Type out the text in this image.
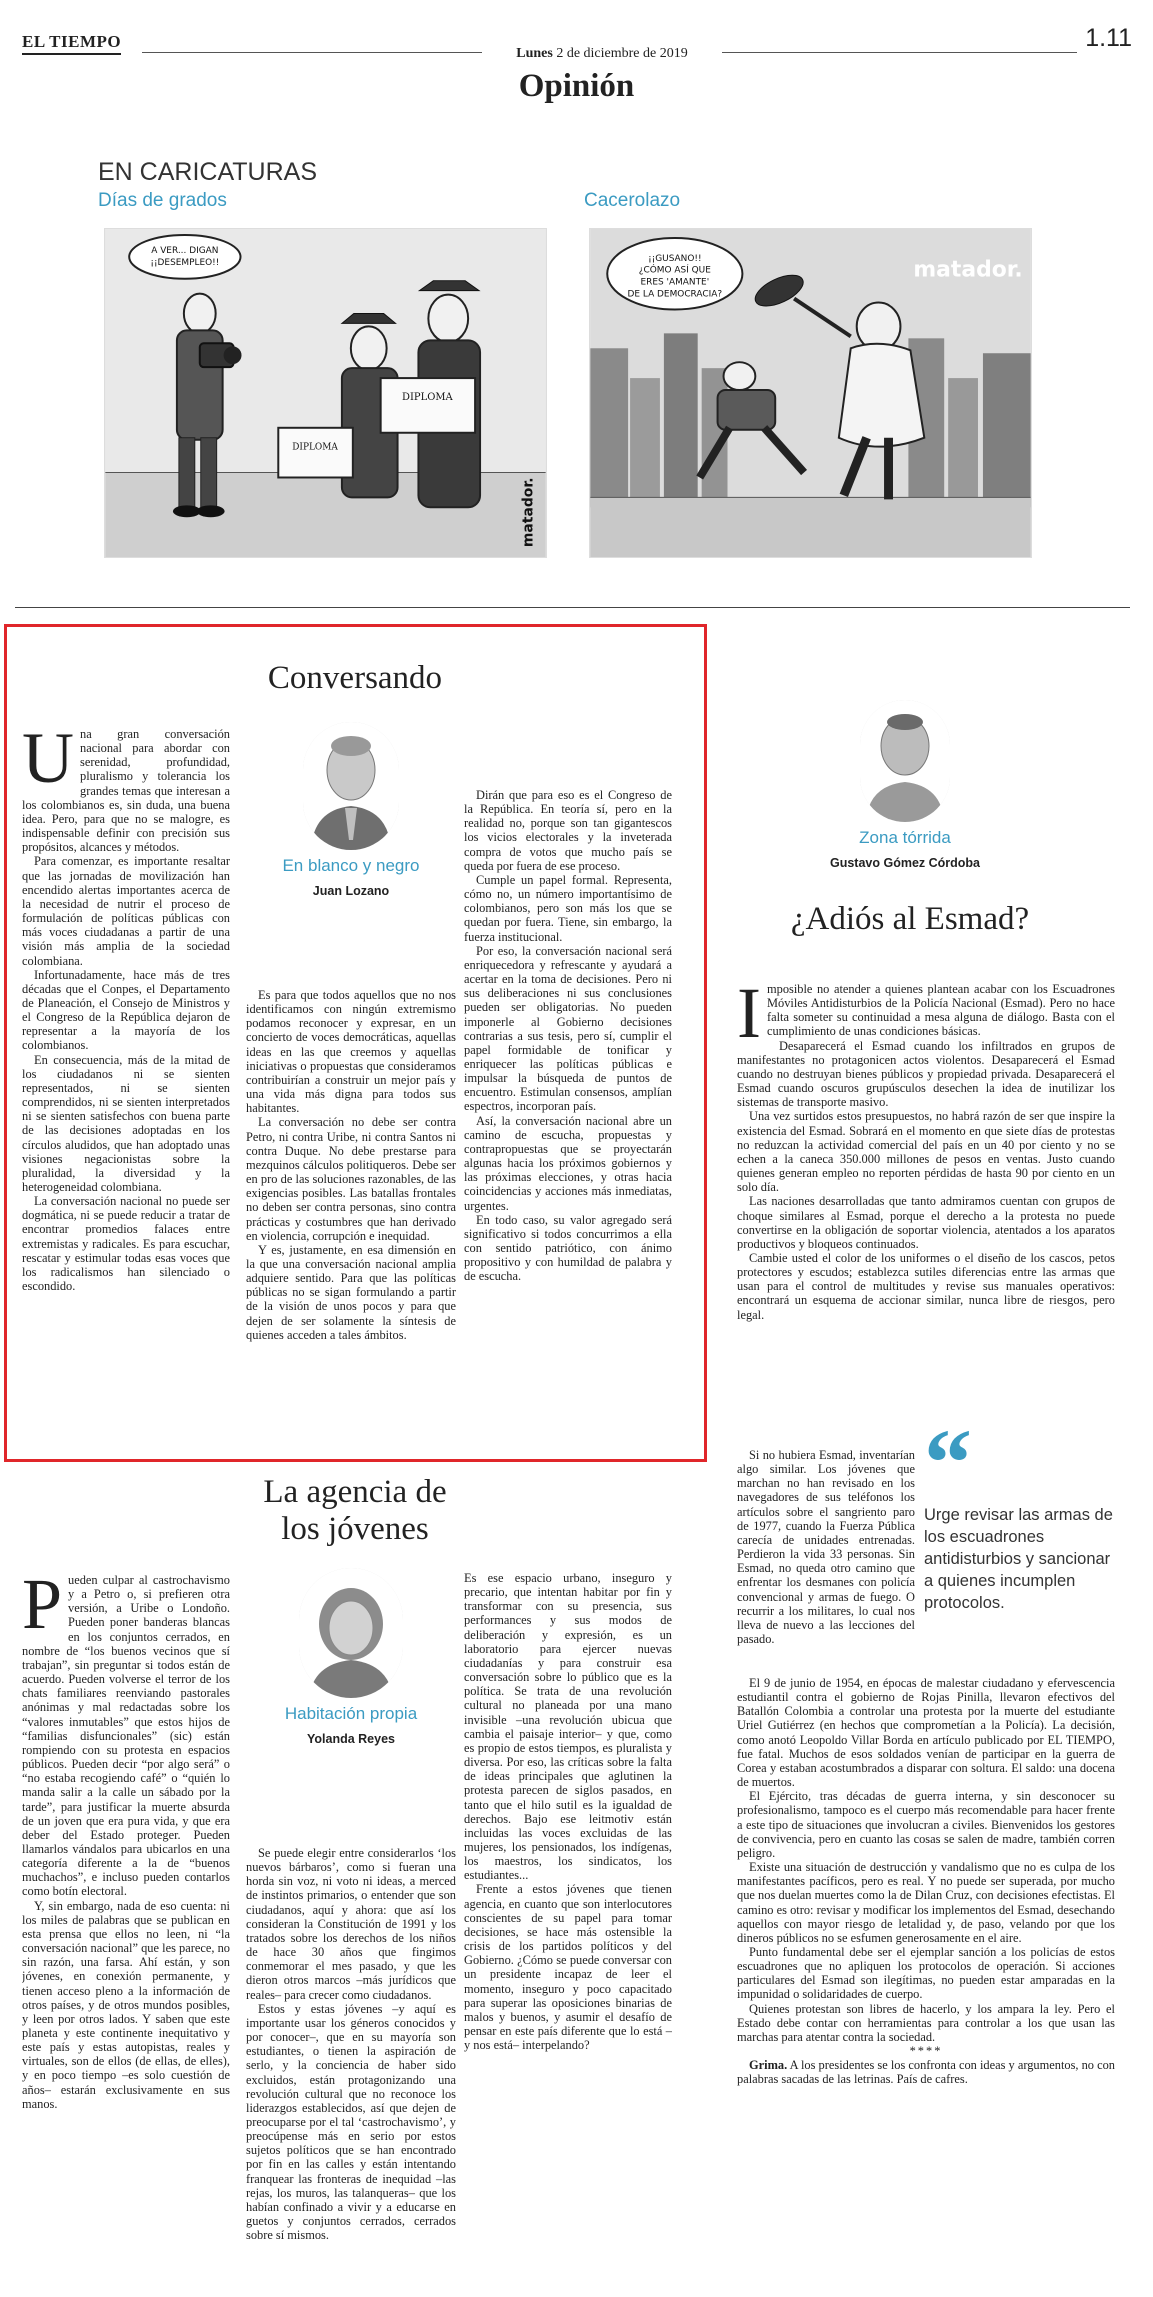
EL TIEMPO
Lunes 2 de diciembre de 2019
1.11
Opinión
EN CARICATURAS
Días de grados	Cacerolazo
A VER... DIGAN
¡¡DESEMPLEO!!
DIPLOMA
DIPLOMA
matador.
¡¡GUSANO!!
¿CÓMO ASÍ QUE
ERES 'AMANTE'
DE LA DEMOCRACIA?
matador.
Conversando
U na gran conversación nacional para abordar con serenidad, profundidad, pluralismo y tolerancia los grandes temas que interesan a los colombianos es, sin duda, una buena idea. Pero, para que no se malogre, es indispensable definir con precisión sus propósitos, alcances y métodos.

Para comenzar, es importante resaltar que las jornadas de movilización han encendido alertas importantes acerca de la necesidad de nutrir el proceso de formulación de políticas públicas con más voces ciudadanas a partir de una visión más amplia de la sociedad colombiana.

Infortunadamente, hace más de tres décadas que el Conpes, el Departamento de Planeación, el Consejo de Ministros y el Congreso de la República dejaron de representar a la mayoría de los colombianos.

En consecuencia, más de la mitad de los ciudadanos ni se sienten representados, ni se sienten comprendidos, ni se sienten interpretados ni se sienten satisfechos con buena parte de las decisiones adoptadas en los círculos aludidos, que han adoptado unas visiones negacionistas sobre la pluralidad, la diversidad y la heterogeneidad colombiana.

La conversación nacional no puede ser dogmática, ni se puede reducir a tratar de encontrar promedios falaces entre extremistas y radicales. Es para escuchar, rescatar y estimular todas esas voces que los radicalismos han silenciado o escondido.

En blanco y negro
Juan Lozano

Es para que todos aquellos que no nos identificamos con ningún extremismo podamos reconocer y expresar, en un concierto de voces democráticas, aquellas ideas en las que creemos y aquellas iniciativas o propuestas que consideramos contribuirían a construir un mejor país y una vida más digna para todos sus habitantes.

La conversación no debe ser contra Petro, ni contra Uribe, ni contra Santos ni contra Duque. No debe prestarse para mezquinos cálculos politiqueros. Debe ser en pro de las soluciones razonables, de las exigencias posibles. Las batallas frontales no deben ser contra personas, sino contra prácticas y costumbres que han derivado en violencia, corrupción e inequidad.

Y es, justamente, en esa dimensión en la que una conversación nacional amplia adquiere sentido. Para que las políticas públicas no se sigan formulando a partir de la visión de unos pocos y para que dejen de ser solamente la síntesis de quienes acceden a tales ámbitos.

Dirán que para eso es el Congreso de la República. En teoría sí, pero en la realidad no, porque son tan gigantescos los vicios electorales y la inveterada compra de votos que mucho país se queda por fuera de ese proceso.

Cumple un papel formal. Representa, cómo no, un número importantísimo de colombianos, pero son más los que se quedan por fuera. Tiene, sin embargo, la fuerza institucional.

Por eso, la conversación nacional será enriquecedora y refrescante y ayudará a acertar en la toma de decisiones. Pero ni sus deliberaciones ni sus conclusiones pueden ser obligatorias. No pueden imponerle al Gobierno decisiones contrarias a sus tesis, pero sí, cumplir el papel formidable de tonificar y enriquecer las políticas públicas e impulsar la búsqueda de puntos de encuentro. Estimulan consensos, amplían espectros, incorporan país.

Así, la conversación nacional abre un camino de escucha, propuestas y contrapropuestas que se proyectarán algunas hacia los próximos gobiernos y las próximas elecciones, y otras hacia coincidencias y acciones más inmediatas, urgentes.

En todo caso, su valor agregado será significativo si todos concurrimos a ella con sentido patriótico, con ánimo propositivo y con humildad de palabra y de escucha.

La agencia de
los jóvenes
P ueden culpar al castrochavismo y a Petro o, si prefieren otra versión, a Uribe o Londoño. Pueden poner banderas blancas en los conjuntos cerrados, en nombre de “los buenos vecinos que sí trabajan”, sin preguntar si todos están de acuerdo. Pueden volverse el terror de los chats familiares reenviando pastorales anónimas y mal redactadas sobre los “valores inmutables” que estos hijos de “familias disfuncionales” (sic) están rompiendo con su protesta en espacios públicos. Pueden decir “por algo será” o “no estaba recogiendo café” o “quién lo manda salir a la calle un sábado por la tarde”, para justificar la muerte absurda de un joven que era pura vida, y que era deber del Estado proteger. Pueden llamarlos vándalos para ubicarlos en una categoría diferente a la de “buenos muchachos”, e incluso pueden contarlos como botín electoral.

Y, sin embargo, nada de eso cuenta: ni los miles de palabras que se publican en esta prensa que ellos no leen, ni “la conversación nacional” que les parece, no sin razón, una farsa. Ahí están, y son jóvenes, en conexión permanente, y tienen acceso pleno a la información de otros países, y de otros mundos posibles, y leen por otros lados. Y saben que este planeta y este continente inequitativo y este país y estas autopistas, reales y virtuales, son de ellos (de ellas, de elles), y en poco tiempo –es solo cuestión de años– estarán exclusivamente en sus manos.

Habitación propia
Yolanda Reyes

Se puede elegir entre considerarlos ‘los nuevos bárbaros’, como si fueran una horda sin voz, ni voto ni ideas, a merced de instintos primarios, o entender que son ciudadanos, aquí y ahora: que así los consideran la Constitución de 1991 y los tratados sobre los derechos de los niños de hace 30 años que fingimos conmemorar el mes pasado, y que les dieron otros marcos –más jurídicos que reales– para crecer como ciudadanos.

Estos y estas jóvenes –y aquí es importante usar los géneros conocidos y por conocer–, que en su mayoría son estudiantes, o tienen la aspiración de serlo, y la conciencia de haber sido excluidos, están protagonizando una revolución cultural que no reconoce los liderazgos establecidos, así que dejen de preocuparse por el tal ‘castrochavismo’, y preocúpense más en serio por estos sujetos políticos que se han encontrado por fin en las calles y están intentando franquear las fronteras de inequidad –las rejas, los muros, las talanqueras– que los habían confinado a vivir y a educarse en guetos y conjuntos cerrados, cerrados sobre sí mismos.

Es ese espacio urbano, inseguro y precario, que intentan habitar por fin y transformar con su presencia, sus performances y sus modos de deliberación y expresión, es un laboratorio para ejercer nuevas ciudadanías y para construir esa conversación sobre lo público que es la política. Se trata de una revolución cultural no planeada por una mano invisible –una revolución ubicua que cambia el paisaje interior– y que, como es propio de estos tiempos, es pluralista y diversa. Por eso, las críticas sobre la falta de ideas principales que aglutinen la protesta parecen de siglos pasados, en tanto que el hilo sutil es la igualdad de derechos. Bajo ese leitmotiv están incluidas las voces excluidas de las mujeres, los pensionados, los indígenas, los maestros, los sindicatos, los estudiantes...

Frente a estos jóvenes que tienen agencia, en cuanto que son interlocutores conscientes de su papel para tomar decisiones, se hace más ostensible la crisis de los partidos políticos y del Gobierno. ¿Cómo se puede conversar con un presidente incapaz de leer el momento, inseguro y poco capacitado para superar las oposiciones binarias de malos y buenos, y asumir el desafío de pensar en este país diferente que lo está –y nos está– interpelando?

Zona tórrida
Gustavo Gómez Córdoba
¿Adiós al Esmad?
I mposible no atender a quienes plantean acabar con los Escuadrones Móviles Antidisturbios de la Policía Nacional (Esmad). Pero no hace falta someter su continuidad a mesa alguna de diálogo. Basta con el cumplimiento de unas condiciones básicas.

Desaparecerá el Esmad cuando los infiltrados en grupos de manifestantes no protagonicen actos violentos. Desaparecerá el Esmad cuando no destruyan bienes públicos y propiedad privada. Desaparecerá el Esmad cuando oscuros grupúsculos desechen la idea de inutilizar los sistemas de transporte masivo.

Una vez surtidos estos presupuestos, no habrá razón de ser que inspire la existencia del Esmad. Sobrará en el momento en que siete días de protestas no reduzcan la actividad comercial del país en un 40 por ciento y no se echen a la caneca 350.000 millones de pesos en ventas. Justo cuando quienes generan empleo no reporten pérdidas de hasta 90 por ciento en un solo día.

Las naciones desarrolladas que tanto admiramos cuentan con grupos de choque similares al Esmad, porque el derecho a la protesta no puede convertirse en la obligación de soportar violencia, atentados a los aparatos productivos y bloqueos continuados.

Cambie usted el color de los uniformes o el diseño de los cascos, petos protectores y escudos; establezca sutiles diferencias entre las armas que usan para el control de multitudes y revise sus manuales operativos: encontrará un esquema de accionar similar, nunca libre de riesgos, pero legal.

Si no hubiera Esmad, inventarían algo similar. Los jóvenes que marchan no han revisado en los navegadores de sus teléfonos los artículos sobre el sangriento paro de 1977, cuando la Fuerza Pública carecía de unidades entrenadas. Perdieron la vida 33 personas. Sin Esmad, no queda otro camino que enfrentar los desmanes con policía convencional y armas de fuego. O recurrir a los militares, lo cual nos lleva de nuevo a las lecciones del pasado.

“
Urge revisar las armas de los escuadrones antidisturbios y sancionar a quienes incumplen protocolos.

El 9 de junio de 1954, en épocas de malestar ciudadano y efervescencia estudiantil contra el gobierno de Rojas Pinilla, llevaron efectivos del Batallón Colombia a controlar una protesta por la muerte del estudiante Uriel Gutiérrez (en hechos que comprometían a la Policía). La decisión, como anotó Leopoldo Villar Borda en artículo publicado por EL TIEMPO, fue fatal. Muchos de esos soldados venían de participar en la guerra de Corea y estaban acostumbrados a disparar con soltura. El saldo: una docena de muertos.

El Ejército, tras décadas de guerra interna, y sin desconocer su profesionalismo, tampoco es el cuerpo más recomendable para hacer frente a este tipo de situaciones que involucran a civiles. Bienvenidos los gestores de convivencia, pero en cuanto las cosas se salen de madre, también corren peligro.

Existe una situación de destrucción y vandalismo que no es culpa de los manifestantes pacíficos, pero es real. Y no puede ser superada, por mucho que nos duelan muertes como la de Dilan Cruz, con decisiones efectistas. El camino es otro: revisar y modificar los implementos del Esmad, desechando aquellos con mayor riesgo de letalidad y, de paso, velando por que los dineros públicos no se esfumen generosamente en el aire.

Punto fundamental debe ser el ejemplar sanción a los policías de estos escuadrones que no apliquen los protocolos de operación. Si acciones particulares del Esmad son ilegítimas, no pueden estar amparadas en la impunidad o solidaridades de cuerpo.

Quienes protestan son libres de hacerlo, y los ampara la ley. Pero el Estado debe contar con herramientas para controlar a los que usan las marchas para atentar contra la sociedad.

****

Grima. A los presidentes se los confronta con ideas y argumentos, no con palabras sacadas de las letrinas. País de cafres.
